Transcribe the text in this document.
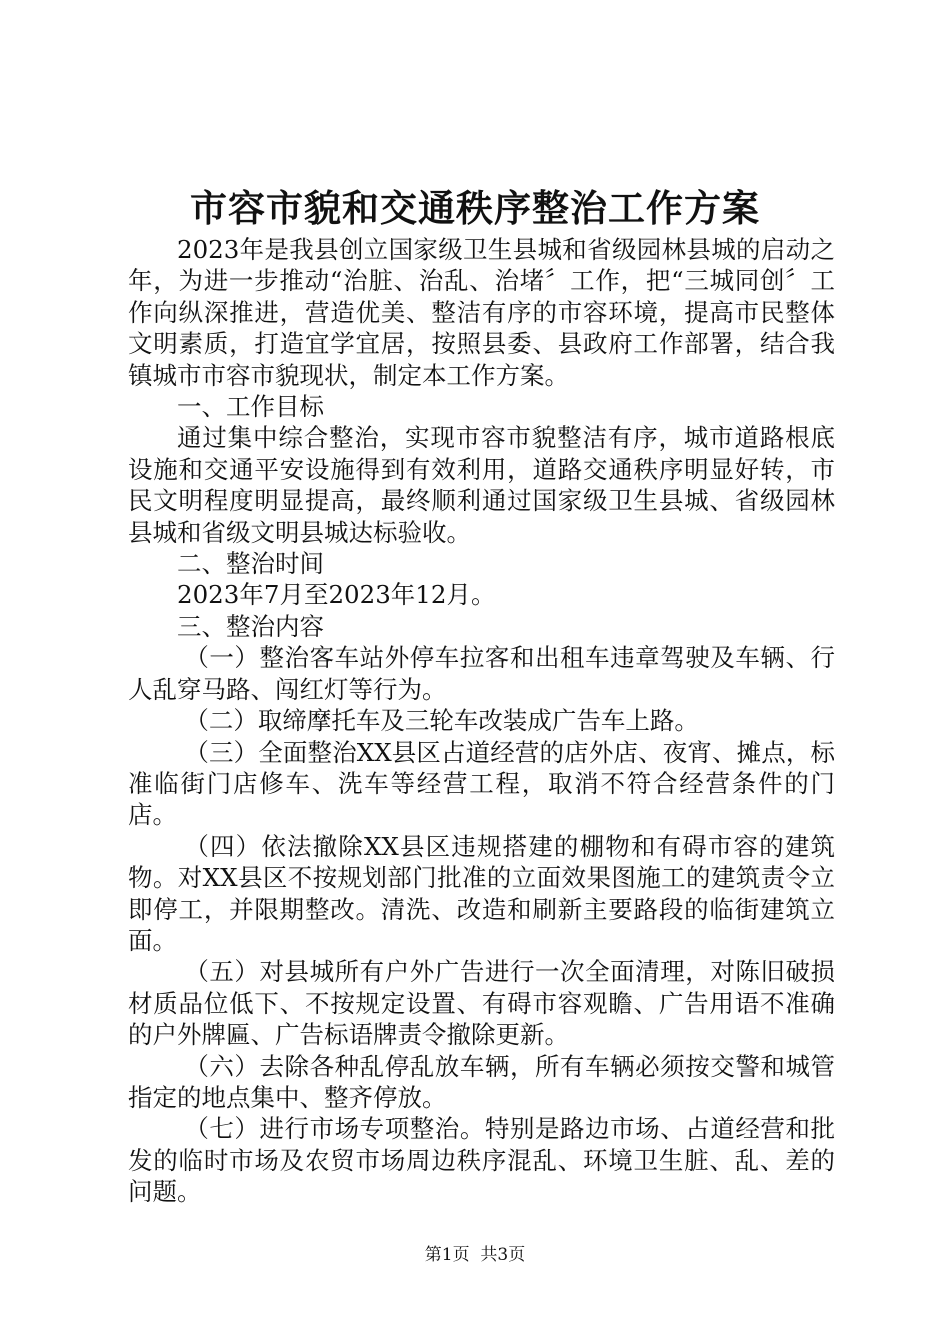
市容市貌和交通秩序整治工作方案

2023年是我县创立国家级卫生县城和省级园林县城的启动之年，为进一步推动“治脏、治乱、治堵〞工作，把“三城同创〞工作向纵深推进，营造优美、整洁有序的市容环境，提高市民整体文明素质，打造宜学宜居，按照县委、县政府工作部署，结合我镇城市市容市貌现状，制定本工作方案。

一、工作目标

通过集中综合整治，实现市容市貌整洁有序，城市道路根底设施和交通平安设施得到有效利用，道路交通秩序明显好转，市民文明程度明显提高，最终顺利通过国家级卫生县城、省级园林县城和省级文明县城达标验收。

二、整治时间

2023年7月至2023年12月。

三、整治内容

（一）整治客车站外停车拉客和出租车违章驾驶及车辆、行人乱穿马路、闯红灯等行为。

（二）取缔摩托车及三轮车改装成广告车上路。

（三）全面整治XX县区占道经营的店外店、夜宵、摊点，标准临街门店修车、洗车等经营工程，取消不符合经营条件的门店。

（四）依法撤除XX县区违规搭建的棚物和有碍市容的建筑物。对XX县区不按规划部门批准的立面效果图施工的建筑责令立即停工，并限期整改。清洗、改造和刷新主要路段的临街建筑立面。

（五）对县城所有户外广告进行一次全面清理，对陈旧破损材质品位低下、不按规定设置、有碍市容观瞻、广告用语不准确的户外牌匾、广告标语牌责令撤除更新。

（六）去除各种乱停乱放车辆，所有车辆必须按交警和城管指定的地点集中、整齐停放。

（七）进行市场专项整治。特别是路边市场、占道经营和批发的临时市场及农贸市场周边秩序混乱、环境卫生脏、乱、差的问题。

第1页  共3页
